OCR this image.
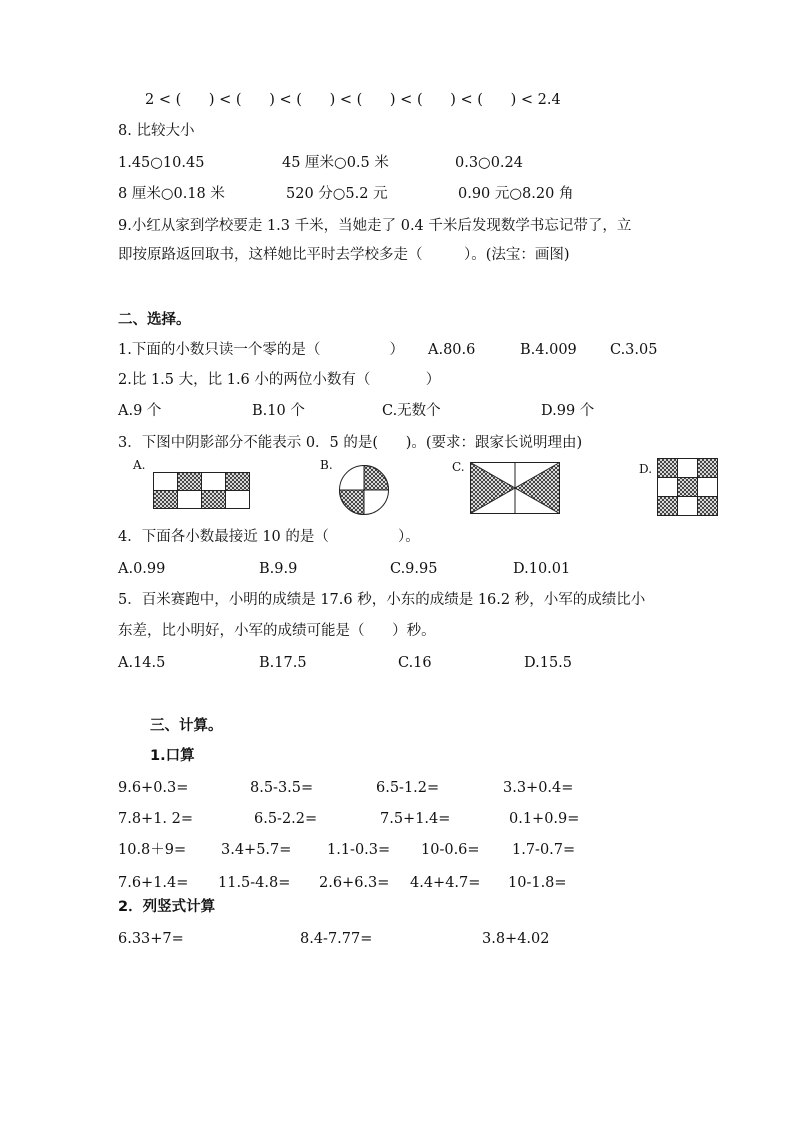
2 < (      ) < (      ) < (      ) < (      ) < (      ) < (      ) < 2.4
8. 比较大小
1.45○10.45	45 厘米○0.5 米	0.3○0.24
8 厘米○0.18 米	520 分○5.2 元	0.90 元○8.20 角
9.小红从家到学校要走 1.3 千米，当她走了 0.4 千米后发现数学书忘记带了，立
即按原路返回取书，这样她比平时去学校多走（         ）。(法宝：画图)
二、选择。
1.下面的小数只读一个零的是（               ） A.80.6	B.4.009 C.3.05
2.比 1.5 大，比 1.6 小的两位小数有（            ）
A.9 个	B.10 个	C.无数个	D.99 个
3．下图中阴影部分不能表示 0．5 的是(      )。(要求：跟家长说明理由)
A.	B.	C.	D.
4．下面各小数最接近 10 的是（               ）。
A.0.99	B.9.9	C.9.95	D.10.01
5．百米赛跑中，小明的成绩是 17.6 秒，小东的成绩是 16.2 秒，小军的成绩比小
东差，比小明好，小军的成绩可能是（      ）秒。
A.14.5	B.17.5	C.16	D.15.5
三、计算。
1.口算
9.6+0.3=	8.5-3.5=	6.5-1.2=	3.3+0.4=
7.8+1. 2=	6.5-2.2=	7.5+1.4=	0.1+0.9=
10.8＋9= 3.4+5.7= 1.1-0.3= 10-0.6= 1.7-0.7=
7.6+1.4= 11.5-4.8= 2.6+6.3= 4.4+4.7= 10-1.8=
2．列竖式计算
6.33+7=	8.4-7.77=	3.8+4.02
